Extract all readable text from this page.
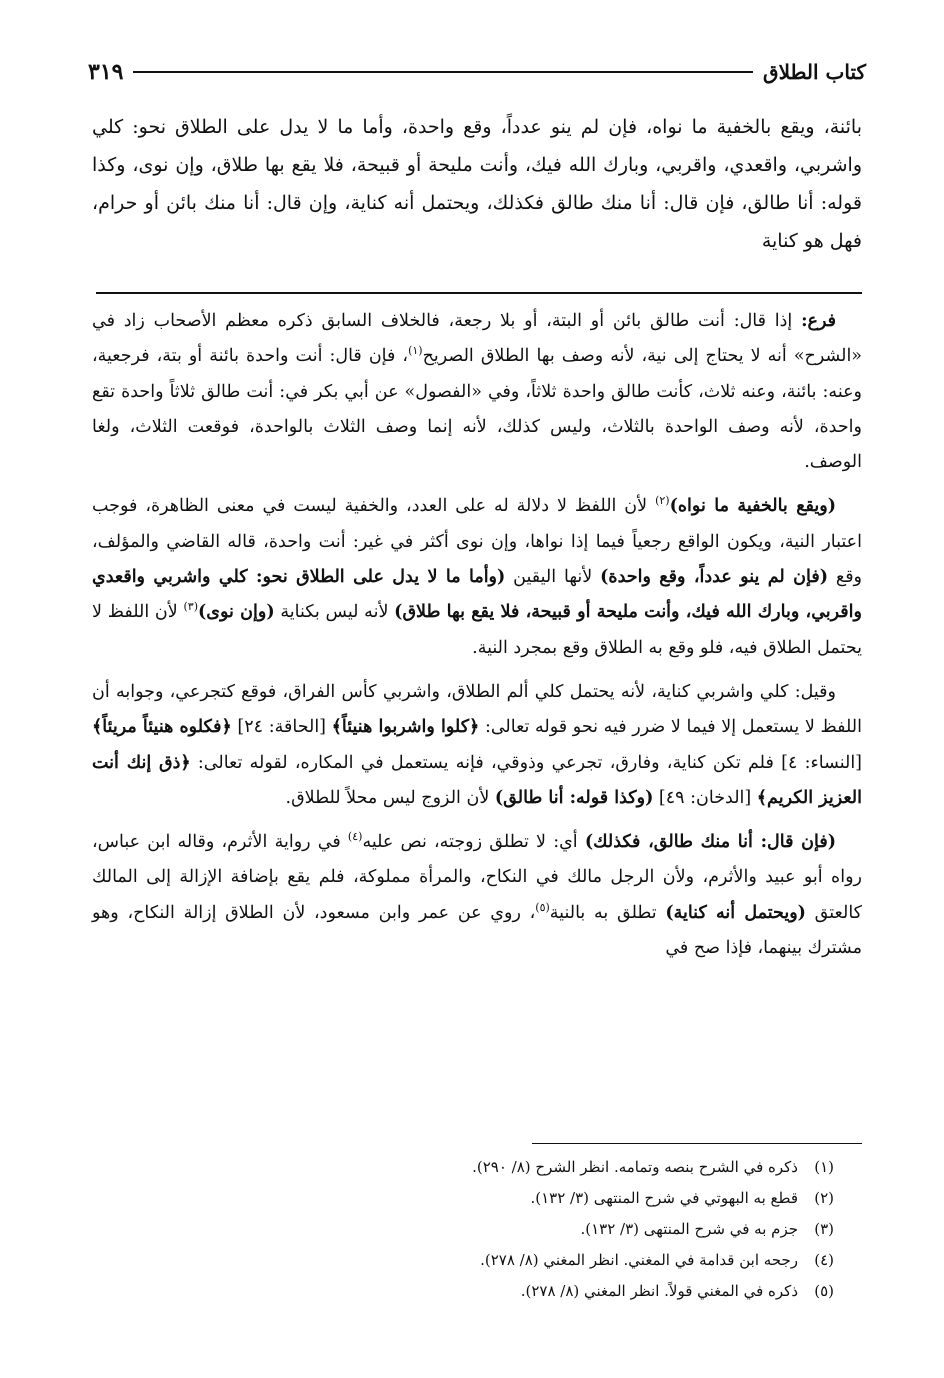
كتاب الطلاق
٣١٩
بائنة، ويقع بالخفية ما نواه، فإن لم ينو عدداً، وقع واحدة، وأما ما لا يدل على الطلاق نحو: كلي واشربي، واقعدي، واقربي، وبارك الله فيك، وأنت مليحة أو قبيحة، فلا يقع بها طلاق، وإن نوى، وكذا قوله: أنا طالق، فإن قال: أنا منك طالق فكذلك، ويحتمل أنه كناية، وإن قال: أنا منك بائن أو حرام، فهل هو كناية

فرع: إذا قال: أنت طالق بائن أو البتة، أو بلا رجعة، فالخلاف السابق ذكره معظم الأصحاب زاد في «الشرح» أنه لا يحتاج إلى نية، لأنه وصف بها الطلاق الصريح$^{(١)}$، فإن قال: أنت واحدة بائنة أو بتة، فرجعية، وعنه: بائنة، وعنه ثلاث، كأنت طالق واحدة ثلاثاً، وفي «الفصول» عن أبي بكر في: أنت طالق ثلاثاً واحدة تقع واحدة، لأنه وصف الواحدة بالثلاث، وليس كذلك، لأنه إنما وصف الثلاث بالواحدة، فوقعت الثلاث، ولغا الوصف.

(ويقع بالخفية ما نواه)$^{(٢)}$ لأن اللفظ لا دلالة له على العدد، والخفية ليست في معنى الظاهرة، فوجب اعتبار النية، ويكون الواقع رجعياً فيما إذا نواها، وإن نوى أكثر في غير: أنت واحدة، قاله القاضي والمؤلف، وقع (فإن لم ينو عدداً، وقع واحدة) لأنها اليقين (وأما ما لا يدل على الطلاق نحو: كلي واشربي واقعدي واقربي، وبارك الله فيك، وأنت مليحة أو قبيحة، فلا يقع بها طلاق) لأنه ليس بكناية (وإن نوى)$^{(٣)}$ لأن اللفظ لا يحتمل الطلاق فيه، فلو وقع به الطلاق وقع بمجرد النية.

وقيل: كلي واشربي كناية، لأنه يحتمل كلي ألم الطلاق، واشربي كأس الفراق، فوقع كتجرعي، وجوابه أن اللفظ لا يستعمل إلا فيما لا ضرر فيه نحو قوله تعالى: ﴿كلوا واشربوا هنيئاً﴾ [الحاقة: ٢٤] ﴿فكلوه هنيئاً مريئاً﴾ [النساء: ٤] فلم تكن كناية، وفارق، تجرعي وذوقي، فإنه يستعمل في المكاره، لقوله تعالى: ﴿ذق إنك أنت العزيز الكريم﴾ [الدخان: ٤٩] (وكذا قوله: أنا طالق) لأن الزوج ليس محلاً للطلاق.

(فإن قال: أنا منك طالق، فكذلك) أي: لا تطلق زوجته، نص عليه$^{(٤)}$ في رواية الأثرم، وقاله ابن عباس، رواه أبو عبيد والأثرم، ولأن الرجل مالك في النكاح، والمرأة مملوكة، فلم يقع بإضافة الإزالة إلى المالك كالعتق (ويحتمل أنه كناية) تطلق به بالنية$^{(٥)}$، روي عن عمر وابن مسعود، لأن الطلاق إزالة النكاح، وهو مشترك بينهما، فإذا صح في

(١)
ذكره في الشرح بنصه وتمامه. انظر الشرح (٨/ ٢٩٠).
(٢)
قطع به البهوتي في شرح المنتهى (٣/ ١٣٢).
(٣)
جزم به في شرح المنتهى (٣/ ١٣٢).
(٤)
رجحه ابن قدامة في المغني. انظر المغني (٨/ ٢٧٨).
(٥)
ذكره في المغني قولاً. انظر المغني (٨/ ٢٧٨).
